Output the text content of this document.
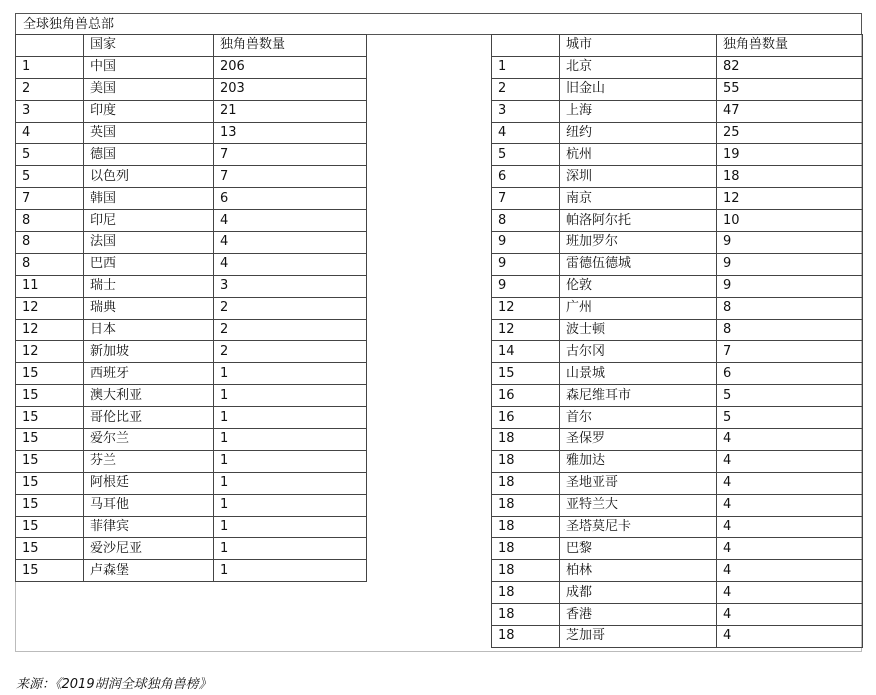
全球独角兽总部
	国家	独角兽数量
1	中国	206
2	美国	203
3	印度	21
4	英国	13
5	德国	7
5	以色列	7
7	韩国	6
8	印尼	4
8	法国	4
8	巴西	4
11	瑞士	3
12	瑞典	2
12	日本	2
12	新加坡	2
15	西班牙	1
15	澳大利亚	1
15	哥伦比亚	1
15	爱尔兰	1
15	芬兰	1
15	阿根廷	1
15	马耳他	1
15	菲律宾	1
15	爱沙尼亚	1
15	卢森堡	1
	城市	独角兽数量
1	北京	82
2	旧金山	55
3	上海	47
4	纽约	25
5	杭州	19
6	深圳	18
7	南京	12
8	帕洛阿尔托	10
9	班加罗尔	9
9	雷德伍德城	9
9	伦敦	9
12	广州	8
12	波士顿	8
14	古尔冈	7
15	山景城	6
16	森尼维耳市	5
16	首尔	5
18	圣保罗	4
18	雅加达	4
18	圣地亚哥	4
18	亚特兰大	4
18	圣塔莫尼卡	4
18	巴黎	4
18	柏林	4
18	成都	4
18	香港	4
18	芝加哥	4
来源：《2019胡润全球独角兽榜》
